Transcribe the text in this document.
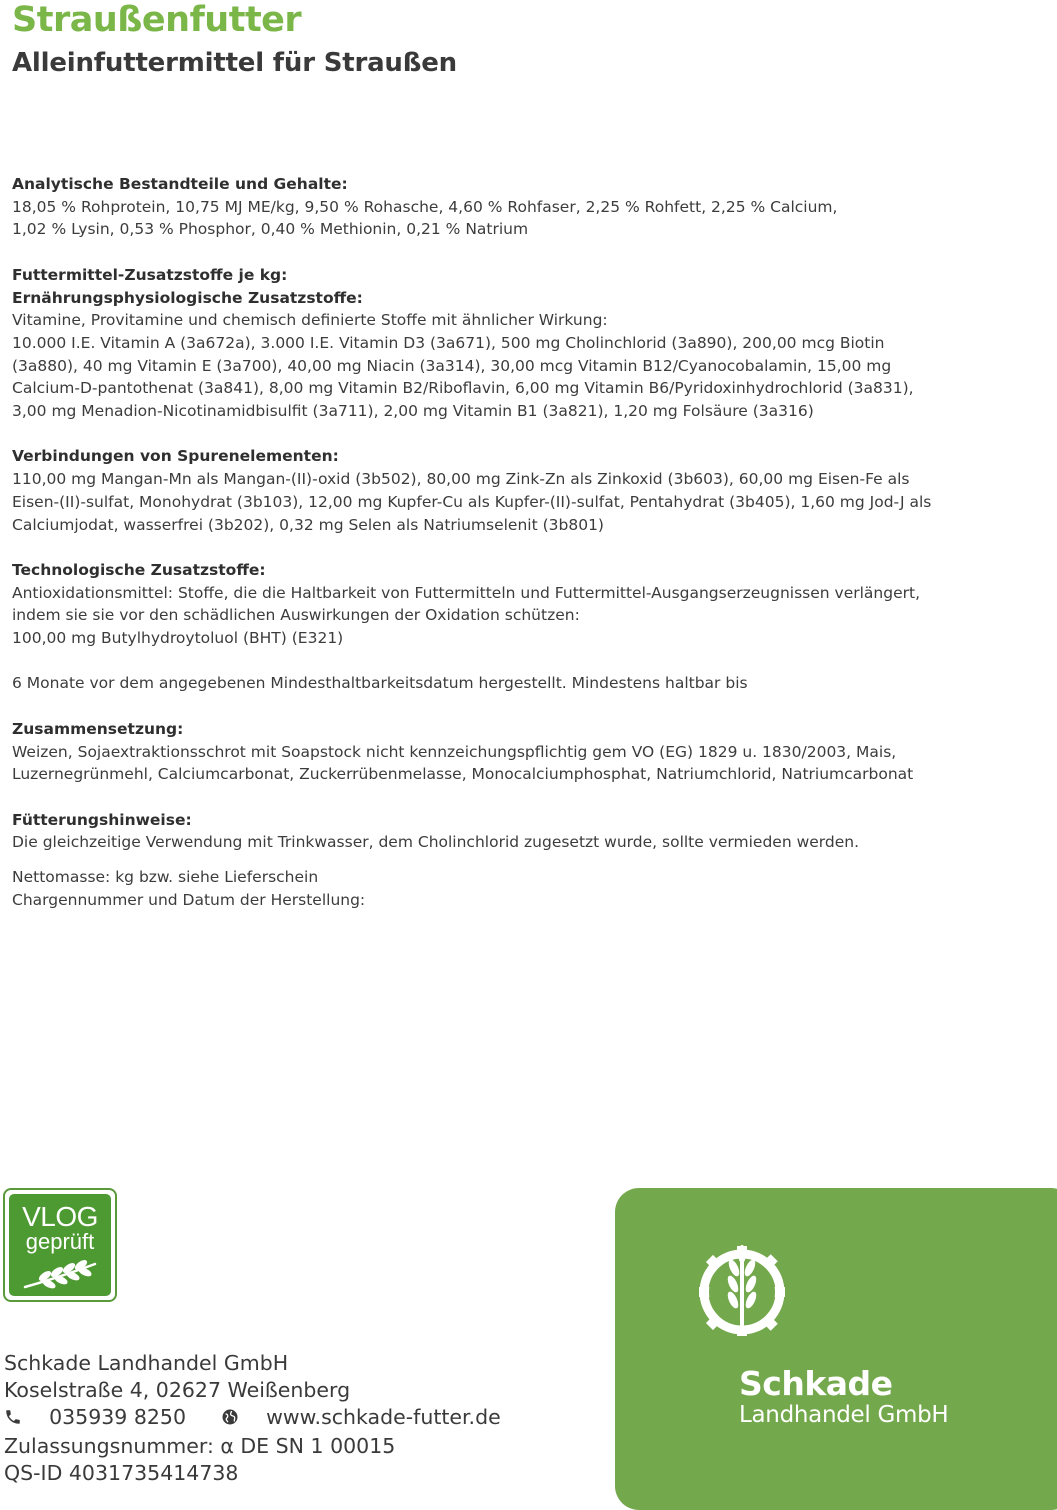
Straußenfutter
Alleinfuttermittel für Straußen

Analytische Bestandteile und Gehalte:

18,05 % Rohprotein, 10,75 MJ ME/kg, 9,50 % Rohasche, 4,60 % Rohfaser, 2,25 % Rohfett, 2,25 % Calcium,

1,02 % Lysin, 0,53 % Phosphor, 0,40 % Methionin, 0,21 % Natrium

Futtermittel-Zusatzstoffe je kg:

Ernährungsphysiologische Zusatzstoffe:

Vitamine, Provitamine und chemisch definierte Stoffe mit ähnlicher Wirkung:

10.000 I.E. Vitamin A (3a672a), 3.000 I.E. Vitamin D3 (3a671), 500 mg Cholinchlorid (3a890), 200,00 mcg Biotin

(3a880), 40 mg Vitamin E (3a700), 40,00 mg Niacin (3a314), 30,00 mcg Vitamin B12/Cyanocobalamin, 15,00 mg

Calcium-D-pantothenat (3a841), 8,00 mg Vitamin B2/Riboflavin, 6,00 mg Vitamin B6/Pyridoxinhydrochlorid (3a831),

3,00 mg Menadion-Nicotinamidbisulfit (3a711), 2,00 mg Vitamin B1 (3a821), 1,20 mg Folsäure (3a316)

Verbindungen von Spurenelementen:

110,00 mg Mangan-Mn als Mangan-(II)-oxid (3b502), 80,00 mg Zink-Zn als Zinkoxid (3b603), 60,00 mg Eisen-Fe als

Eisen-(II)-sulfat, Monohydrat (3b103), 12,00 mg Kupfer-Cu als Kupfer-(II)-sulfat, Pentahydrat (3b405), 1,60 mg Jod-J als

Calciumjodat, wasserfrei (3b202), 0,32 mg Selen als Natriumselenit (3b801)

Technologische Zusatzstoffe:

Antioxidationsmittel: Stoffe, die die Haltbarkeit von Futtermitteln und Futtermittel-Ausgangserzeugnissen verlängert,

indem sie sie vor den schädlichen Auswirkungen der Oxidation schützen:

100,00 mg Butylhydroytoluol (BHT) (E321)

6 Monate vor dem angegebenen Mindesthaltbarkeitsdatum hergestellt. Mindestens haltbar bis

Zusammensetzung:

Weizen, Sojaextraktionsschrot mit Soapstock nicht kennzeichungspflichtig gem VO (EG) 1829 u. 1830/2003, Mais,

Luzernegrünmehl, Calciumcarbonat, Zuckerrübenmelasse, Monocalciumphosphat, Natriumchlorid, Natriumcarbonat

Fütterungshinweise:

Die gleichzeitige Verwendung mit Trinkwasser, dem Cholinchlorid zugesetzt wurde, sollte vermieden werden.

Nettomasse: kg bzw. siehe Lieferschein

Chargennummer und Datum der Herstellung:

VLOG
geprüft
Schkade Landhandel GmbH
Koselstraße 4, 02627 Weißenberg
035939 8250	www.schkade-futter.de
Zulassungsnummer: α DE SN 1 00015
QS-ID 4031735414738
Schkade
Landhandel GmbH
